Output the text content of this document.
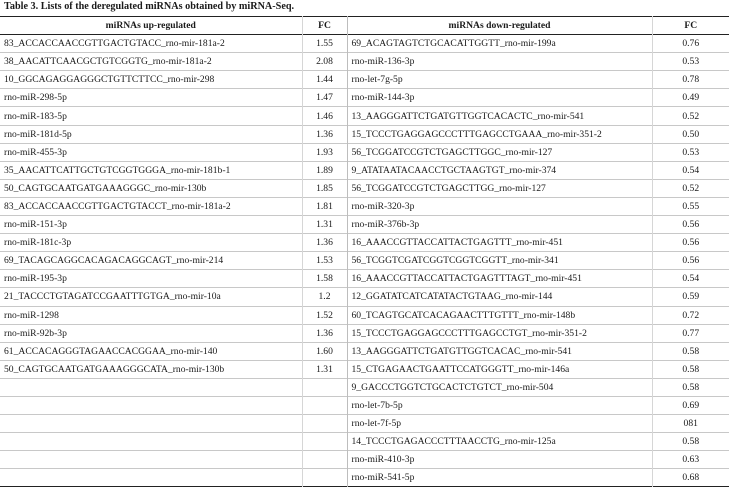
Table 3. Lists of the deregulated miRNAs obtained by miRNA-Seq.
miRNAs up-regulated	FC	miRNAs down-regulated	FC
83_ACCACCAACCGTTGACTGTACC_rno-mir-181a-2	1.55	69_ACAGTAGTCTGCACATTGGTT_rno-mir-199a	0.76
38_AACATTCAACGCTGTCGGTG_rno-mir-181a-2	2.08	rno-miR-136-3p	0.53
10_GGCAGAGGAGGGCTGTTCTTCC_rno-mir-298	1.44	rno-let-7g-5p	0.78
rno-miR-298-5p	1.47	rno-miR-144-3p	0.49
rno-miR-183-5p	1.46	13_AAGGGATTCTGATGTTGGTCACACTC_rno-mir-541	0.52
rno-miR-181d-5p	1.36	15_TCCCTGAGGAGCCCTTTGAGCCTGAAA_rno-mir-351-2	0.50
rno-miR-455-3p	1.93	56_TCGGATCCGTCTGAGCTTGGC_rno-mir-127	0.53
35_AACATTCATTGCTGTCGGTGGGA_rno-mir-181b-1	1.89	9_ATATAATACAACCTGCTAAGTGT_rno-mir-374	0.54
50_CAGTGCAATGATGAAAGGGC_rno-mir-130b	1.85	56_TCGGATCCGTCTGAGCTTGG_rno-mir-127	0.52
83_ACCACCAACCGTTGACTGTACCT_rno-mir-181a-2	1.81	rno-miR-320-3p	0.55
rno-miR-151-3p	1.31	rno-miR-376b-3p	0.56
rno-miR-181c-3p	1.36	16_AAACCGTTACCATTACTGAGTTT_rno-mir-451	0.56
69_TACAGCAGGCACAGACAGGCAGT_rno-mir-214	1.53	56_TCGGTCGATCGGTCGGTCGGTT_rno-mir-341	0.56
rno-miR-195-3p	1.58	16_AAACCGTTACCATTACTGAGTTTAGT_rno-mir-451	0.54
21_TACCCTGTAGATCCGAATTTGTGA_rno-mir-10a	1.2	12_GGATATCATCATATACTGTAAG_rno-mir-144	0.59
rno-miR-1298	1.52	60_TCAGTGCATCACAGAACTTTGTTT_rno-mir-148b	0.72
rno-miR-92b-3p	1.36	15_TCCCTGAGGAGCCCTTTGAGCCTGT_rno-mir-351-2	0.77
61_ACCACAGGGTAGAACCACGGAA_rno-mir-140	1.60	13_AAGGGATTCTGATGTTGGTCACAC_rno-mir-541	0.58
50_CAGTGCAATGATGAAAGGGCATA_rno-mir-130b	1.31	15_CTGAGAACTGAATTCCATGGGTT_rno-mir-146a	0.58
		9_GACCCTGGTCTGCACTCTGTCT_rno-mir-504	0.58
		rno-let-7b-5p	0.69
		rno-let-7f-5p	081
		14_TCCCTGAGACCCTTTAACCTG_rno-mir-125a	0.58
		rno-miR-410-3p	0.63
		rno-miR-541-5p	0.68
